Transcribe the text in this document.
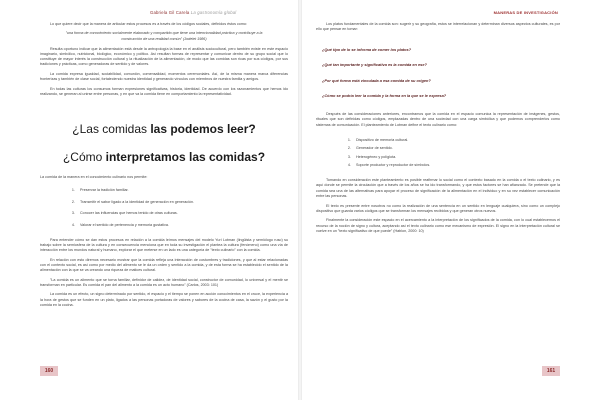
Gabriela Gil Carela La gastronomía global	MANERAS DE INVESTIGACIÓN

Lo que quiere decir que la manera de articular estos procesos es a través de los códigos sociales, definidos éstos como:

"una forma de conocimiento socialmente elaborado y compartido que tiene una intencionalidad práctica y contribuye a la construcción de una realidad común" (Jodelet 1986)

Resulta oportuno indicar que la alimentación está desde la antropología la base en el análisis sociocultural, pero también existe en este espacio imaginario, simbólico, nutricional, biológico, económico y político. Así resultan formas de representar y comunicar dentro de su grupo social que lo constituye de mayor interés la construcción cultural y la ritualización de la alimentación, de modo que las comidas son ricas por sus códigos, por sus tradiciones y prácticas, como generadoras de sentido y de valores.

La comida expresa igualdad, sociabilidad, comunión, comensalidad, momentos ceremoniales. Así, de la misma manera marca diferencias fronterizas y también de clase social, fortaleciendo nuestra identidad y generando vínculos con miembros de nuestra familia y amigos.

En todas las culturas los consumos forman expresiones significativas, historia, identidad. De acuerdo con los razonamientos que hemos ido realizando, se generan al unirse entre personas, y en que va la comida tiene en comportamiento la representatividad.

¿Las comidas las podemos leer?
¿Cómo interpretamos las comidas?

La comida de la manera en el conocimiento culinario nos permite:

1. Preservar la tradición familiar.
2. Transmitir el sabor ligado a la identidad de generación en generación.
3. Conocer las influencias que hemos tenido de otras culturas.
4. Valorar el sentido de pertenencia y memoria gustativa.

Para entender cómo se dan estos procesos en relación a la comida leímos mensajes del modelo Yuri Lotman (lingüista y semiólogo ruso) su trabajo sobre la semiosfera de la cultura y en consecuencia menciona que en toda su investigación el plantea la cultura (fenómeno) como una vía de interacción entre los mundos natural y humano, explorar el que meterse en un lado es una categoría de "texto culinario" con la comida.

En relación con esto diremos necesario mostrar que la comida refleja una interacción de costumbres y tradiciones, y que al estar relacionadas con el contexto social, es así como por medio del alimento se le da un orden y sentido a la comida, y de esta forma se ha establecido el sentido de la alimentación con la que se va creando una riqueza de matices cultural.

"La comida es un alimento que se torna familiar, definidor de calidez, de identidad social, constructor de comunidad, lo universal y el mentir se transforman en particular. Es comida el pan del alimento a la comida es un acto humano" (Carlos, 2003: 101)

La comida es un efecto, un signo determinado por sentido, el espacio y el tiempo se ponen en acción conocimientos en el cruce, la experiencia a la hora de gestos que se funden en un plato, ligados a las personas portadoras de valores y sabores de la cocina de casa, la sazón y el gusto por la comida en la cocina.

Los platos fundamentales de la comida son: sugerir y su geografía, estos se interrelacionan y determinan diversos aspectos culturales, es por ello que pensar en tomar:

¿Qué tipo de lo se informa de comer los platos?

¿Qué tan importante y significativa es la comida en ese?

¿Por qué forma está vinculada a esa comida de su origen?

¿Cómo se podría leer la comida y la forma en la que se le expresa?

Después de las consideraciones anteriores, encontramos que la comida en el espacio comunica la representación de imágenes, gestos, rituales que son definidas como códigos, emplazadas dentro de una sociedad con una carga simbólica y que podemos comprenderlos como sistemas de comunicación. El planteamiento de Lotman define el texto culinario como:

1. Dispositivo de memoria cultural.
2. Generador de sentido.
3. Heterogéneo y políglota.
4. Soporte productor y reproductor de símbolos.

Tomando en consideración este planteamiento es posible reafirmar lo social como el contexto basado en la comida o el texto culinario, y es aquí donde se permite la circulación que a través de los años se ha ido transformando, y que estos factores se han afianzado. Se pretende que la comida sea una de las alternativas para apoyar el proceso de significación de la alimentación en el individuo y en su vez establecer comunicación entre las personas.

El texto es presente entre nosotros no como la realización de una sentencia en un sentido en lenguaje cualquiera, sino como un complejo dispositivo que guarda varios códigos que se transforman los mensajes recibidos y que generan otros nuevos.

Finalmente la consideración este espacio en el acercamiento a la interpretación de los significados de la comida, con lo cual establecemos el recurso de la noción de signo y cultura, aceptando así el texto culinario como ese mecanismo de expresión. El signo en la interpretación cultural se vuelve en un "texto significativo de que puede" (Hablon, 2000: 10)

160	161
